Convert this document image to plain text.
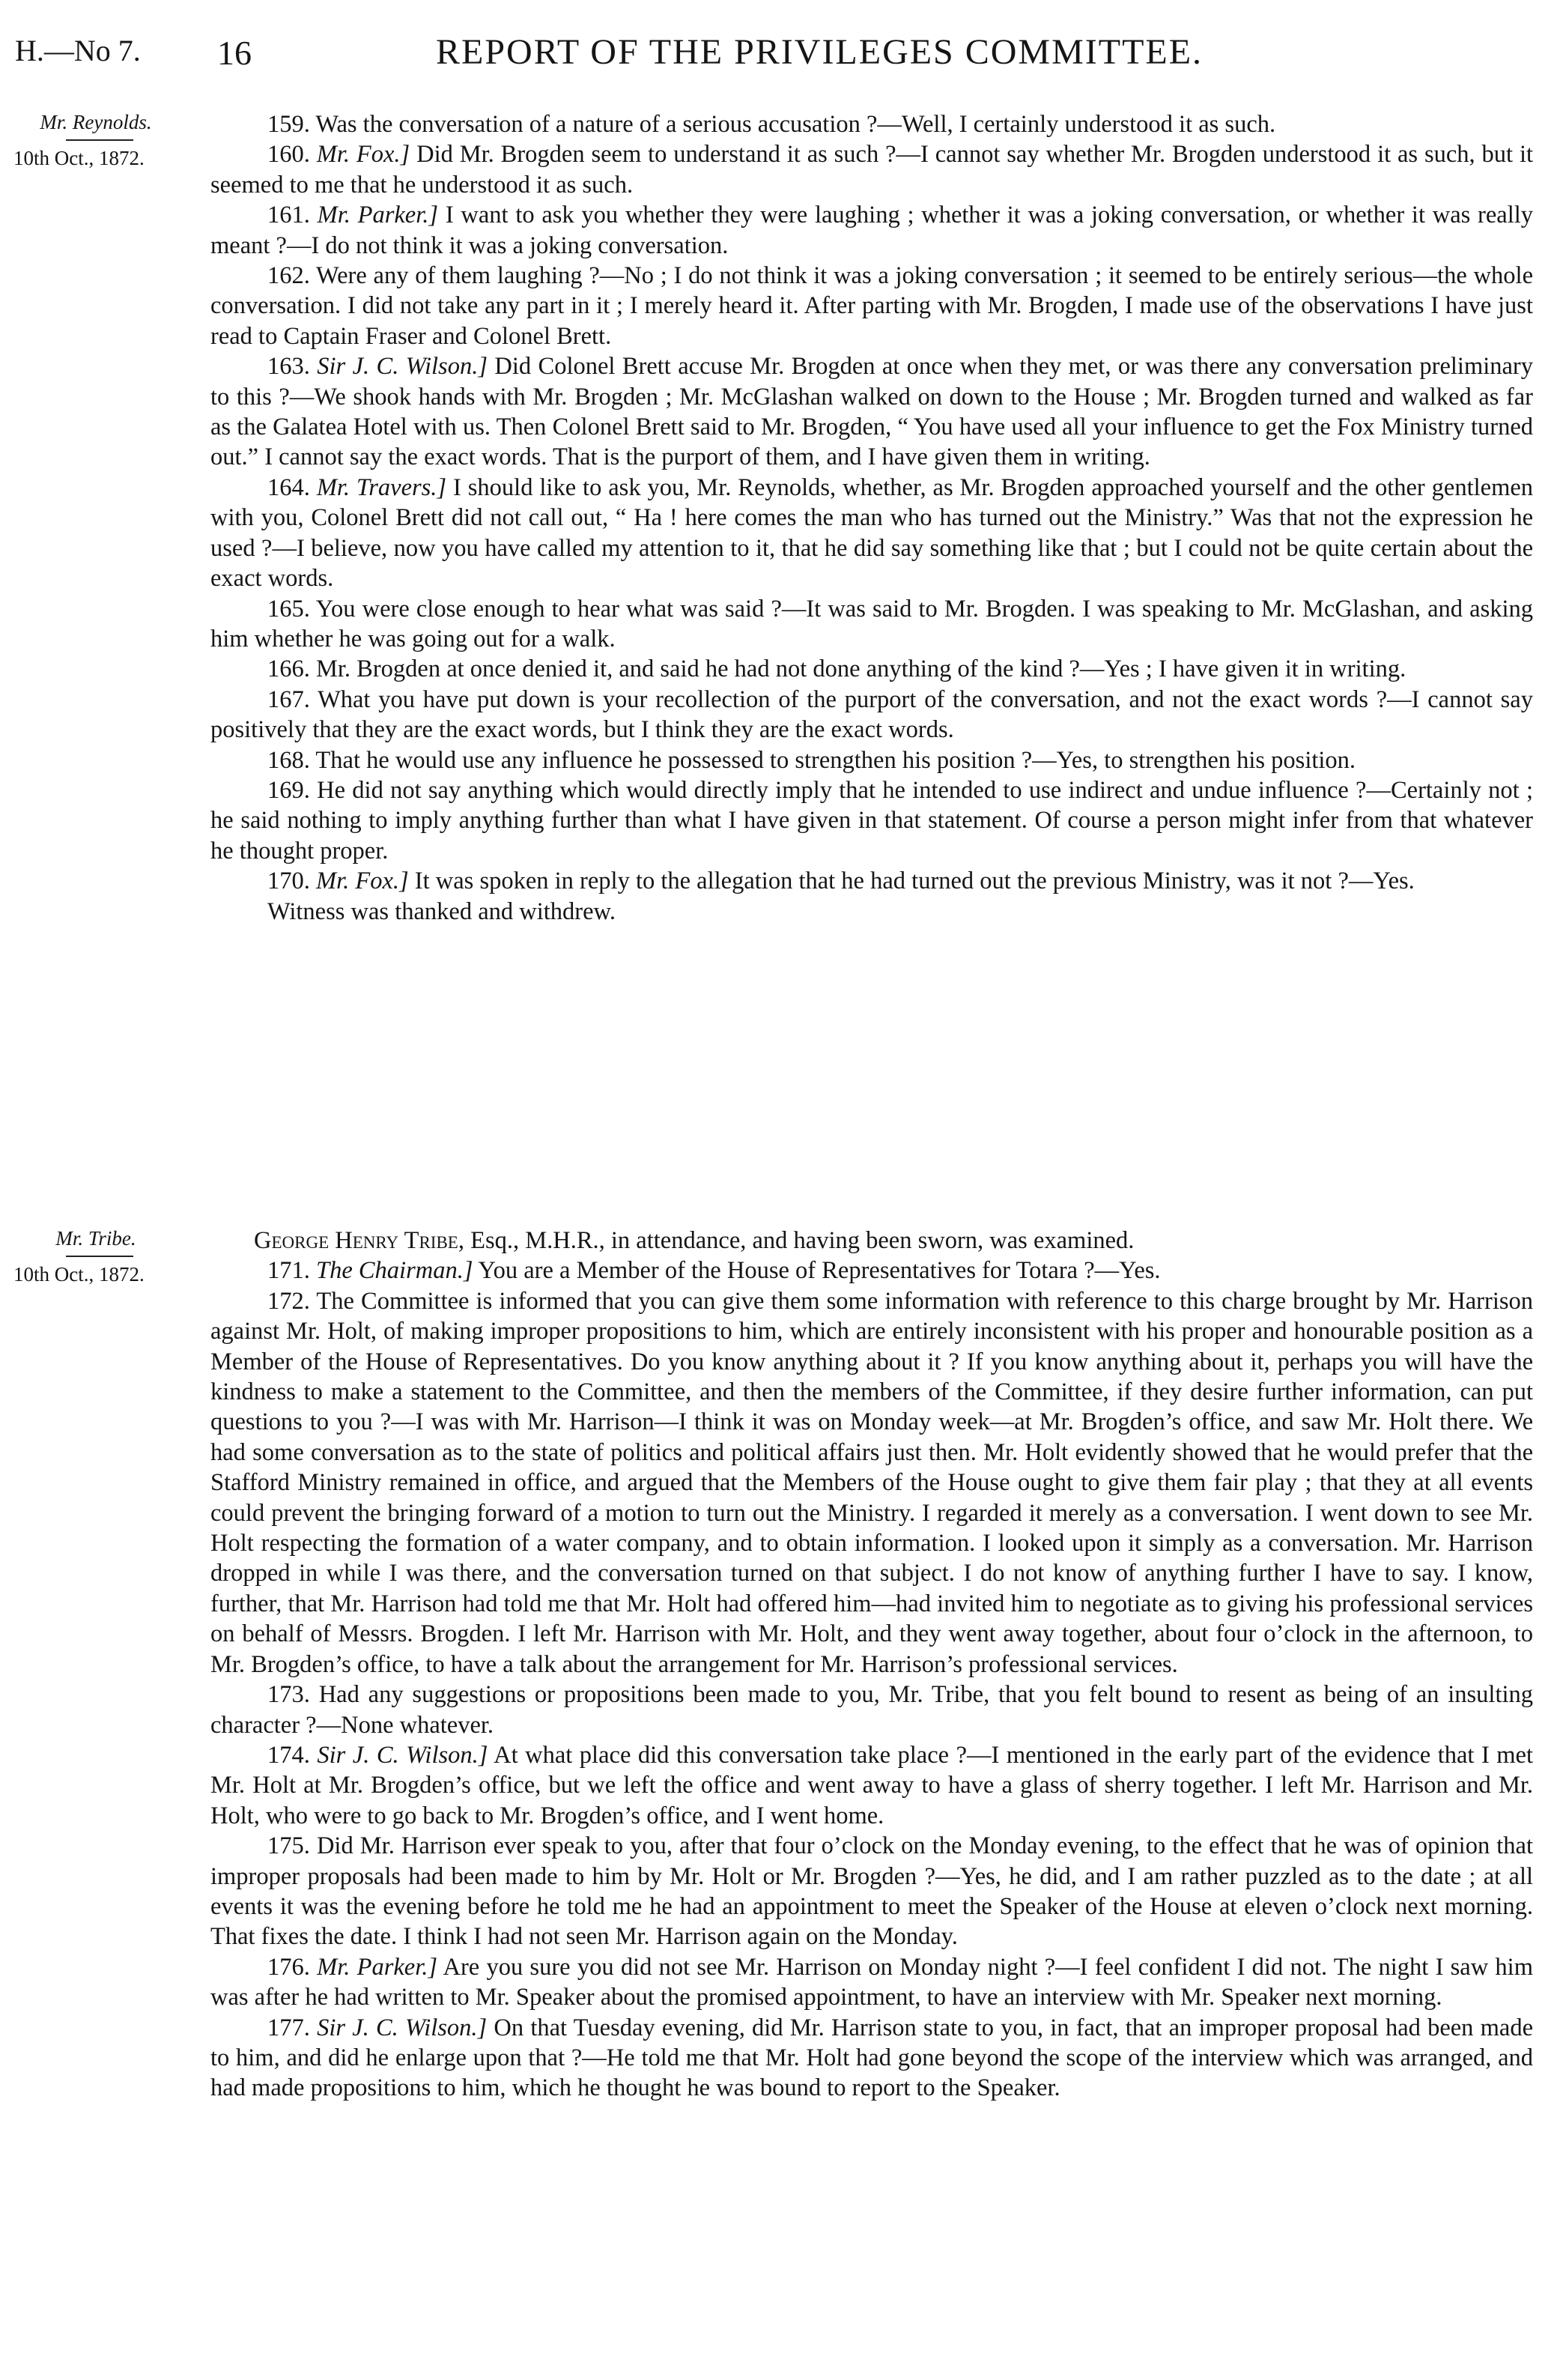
H.—No 7. 16	REPORT OF THE PRIVILEGES COMMITTEE.
Mr. Reynolds.
10th Oct., 1872.
Mr. Tribe.
10th Oct., 1872.

159. Was the conversation of a nature of a serious accusation ?—Well, I certainly understood it as such.

160. Mr. Fox.] Did Mr. Brogden seem to understand it as such ?—I cannot say whether Mr. Brogden understood it as such, but it seemed to me that he understood it as such.

161. Mr. Parker.] I want to ask you whether they were laughing ; whether it was a joking conversation, or whether it was really meant ?—I do not think it was a joking conversation.

162. Were any of them laughing ?—No ; I do not think it was a joking conversation ; it seemed to be entirely serious—the whole conversation. I did not take any part in it ; I merely heard it. After parting with Mr. Brogden, I made use of the observations I have just read to Captain Fraser and Colonel Brett.

163. Sir J. C. Wilson.] Did Colonel Brett accuse Mr. Brogden at once when they met, or was there any conversation preliminary to this ?—We shook hands with Mr. Brogden ; Mr. McGlashan walked on down to the House ; Mr. Brogden turned and walked as far as the Galatea Hotel with us. Then Colonel Brett said to Mr. Brogden, “ You have used all your influence to get the Fox Ministry turned out.” I cannot say the exact words. That is the purport of them, and I have given them in writing.

164. Mr. Travers.] I should like to ask you, Mr. Reynolds, whether, as Mr. Brogden approached yourself and the other gentlemen with you, Colonel Brett did not call out, “ Ha ! here comes the man who has turned out the Ministry.” Was that not the expression he used ?—I believe, now you have called my attention to it, that he did say something like that ; but I could not be quite certain about the exact words.

165. You were close enough to hear what was said ?—It was said to Mr. Brogden. I was speaking to Mr. McGlashan, and asking him whether he was going out for a walk.

166. Mr. Brogden at once denied it, and said he had not done anything of the kind ?—Yes ; I have given it in writing.

167. What you have put down is your recollection of the purport of the conversation, and not the exact words ?—I cannot say positively that they are the exact words, but I think they are the exact words.

168. That he would use any influence he possessed to strengthen his position ?—Yes, to strengthen his position.

169. He did not say anything which would directly imply that he intended to use indirect and undue influence ?—Certainly not ; he said nothing to imply anything further than what I have given in that statement. Of course a person might infer from that whatever he thought proper.

170. Mr. Fox.] It was spoken in reply to the allegation that he had turned out the previous Ministry, was it not ?—Yes.

Witness was thanked and withdrew.

George Henry Tribe, Esq., M.H.R., in attendance, and having been sworn, was examined.

171. The Chairman.] You are a Member of the House of Representatives for Totara ?—Yes.

172. The Committee is informed that you can give them some information with reference to this charge brought by Mr. Harrison against Mr. Holt, of making improper propositions to him, which are entirely inconsistent with his proper and honourable position as a Member of the House of Representatives. Do you know anything about it ? If you know anything about it, perhaps you will have the kindness to make a statement to the Committee, and then the members of the Committee, if they desire further information, can put questions to you ?—I was with Mr. Harrison—I think it was on Monday week—at Mr. Brogden’s office, and saw Mr. Holt there. We had some conversation as to the state of politics and political affairs just then. Mr. Holt evidently showed that he would prefer that the Stafford Ministry remained in office, and argued that the Members of the House ought to give them fair play ; that they at all events could prevent the bringing forward of a motion to turn out the Ministry. I regarded it merely as a conversation. I went down to see Mr. Holt respecting the formation of a water company, and to obtain information. I looked upon it simply as a conversation. Mr. Harrison dropped in while I was there, and the conversation turned on that subject. I do not know of anything further I have to say. I know, further, that Mr. Harrison had told me that Mr. Holt had offered him—had invited him to negotiate as to giving his professional services on behalf of Messrs. Brogden. I left Mr. Harrison with Mr. Holt, and they went away together, about four o’clock in the afternoon, to Mr. Brogden’s office, to have a talk about the arrangement for Mr. Harrison’s professional services.

173. Had any suggestions or propositions been made to you, Mr. Tribe, that you felt bound to resent as being of an insulting character ?—None whatever.

174. Sir J. C. Wilson.] At what place did this conversation take place ?—I mentioned in the early part of the evidence that I met Mr. Holt at Mr. Brogden’s office, but we left the office and went away to have a glass of sherry together. I left Mr. Harrison and Mr. Holt, who were to go back to Mr. Brogden’s office, and I went home.

175. Did Mr. Harrison ever speak to you, after that four o’clock on the Monday evening, to the effect that he was of opinion that improper proposals had been made to him by Mr. Holt or Mr. Brogden ?—Yes, he did, and I am rather puzzled as to the date ; at all events it was the evening before he told me he had an appointment to meet the Speaker of the House at eleven o’clock next morning. That fixes the date. I think I had not seen Mr. Harrison again on the Monday.

176. Mr. Parker.] Are you sure you did not see Mr. Harrison on Monday night ?—I feel confident I did not. The night I saw him was after he had written to Mr. Speaker about the promised appointment, to have an interview with Mr. Speaker next morning.

177. Sir J. C. Wilson.] On that Tuesday evening, did Mr. Harrison state to you, in fact, that an improper proposal had been made to him, and did he enlarge upon that ?—He told me that Mr. Holt had gone beyond the scope of the interview which was arranged, and had made propositions to him, which he thought he was bound to report to the Speaker.
